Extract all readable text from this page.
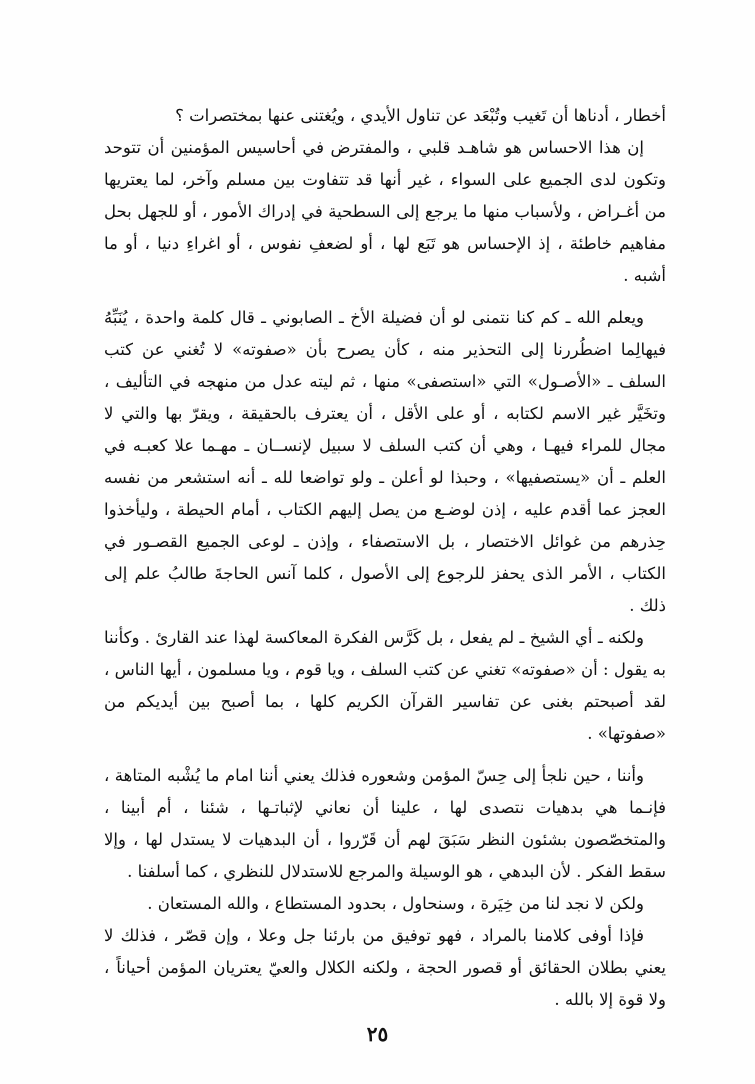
أخطار ، أدناها أن تَغيب وتُبْعَد عن تناول الأيدي ، ويُغتنى عنها بمختصرات ؟

إن هذا الاحساس هو شاهـد قلبي ، والمفترض في أحاسيس المؤمنين أن تتوحد وتكون لدى الجميع على السواء ، غير أنها قد تتفاوت بين مسلم وآخر، لما يعتريها من أغـراض ، ولأسباب منها ما يرجع إلى السطحية في إدراك الأمور ، أو للجهل بحل مفاهيم خاطئة ، إذ الإحساس هو تَبَع لها ، أو لضعفِ نفوس ، أو اغراءِ دنيا ، أو ما أشبه .

ويعلم الله ـ كم كنا نتمنى لو أن فضيلة الأخ ـ الصابوني ـ قال كلمة واحدة ، يُنَبِّهُ فيهالِما اضطُررنا إلى التحذير منه ، كأن يصرح بأن «صفوته» لا تُغني عن كتب السلف ـ «الأصـول» التي «استصفى» منها ، ثم ليته عدل من منهجه في التأليف ، وتخَيَّر غير الاسم لكتابه ، أو على الأقل ، أن يعترف بالحقيقة ، ويقرّ بها والتي لا مجال للمراء فيهـا ، وهي أن كتب السلف لا سبيل لإنســان ـ مهـما علا كعبـه في العلم ـ أن «يستصفيها» ، وحبذا لو أعلن ـ ولو تواضعا لله ـ أنه استشعر من نفسه العجز عما أقدم عليه ، إذن لوضـع من يصل إليهم الكتاب ، أمام الحيطة ، وليأخذوا حِذرهم من غوائل الاختصار ، بل الاستصفاء ، وإذن ـ لوعى الجميع القصـور في الكتاب ، الأمر الذى يحفز للرجوع إلى الأصول ، كلما آنس الحاجةَ طالبُ علم إلى ذلك .

ولكنه ـ أي الشيخ ـ لم يفعل ، بل كَرَّس الفكرة المعاكسة لهذا عند القارئ . وكأننا به يقول : أن «صفوته» تغني عن كتب السلف ، ويا قوم ، ويا مسلمون ، أيها الناس ، لقد أصبحتم بغنى عن تفاسير القرآن الكريم كلها ، بما أصبح بين أيديكم من «صفوتها» .

وأننا ، حين نلجأ إلى حِسّ المؤمن وشعوره فذلك يعني أننا امام ما يُشْبه المتاهة ، فإنـما هي بدهيات نتصدى لها ، علينا أن نعاني لإثباتـها ، شئنا ، أم أبينا ، والمتخصّصون بشئون النظر سَبَقَ لهم أن قَرّروا ، أن البدهيات لا يستدل لها ، وإلا سقط الفكر . لأن البدهي ، هو الوسيلة والمرجع للاستدلال للنظري ، كما أسلفنا .

ولكن لا نجد لنا من خِيَرة ، وسنحاول ، بحدود المستطاع ، والله المستعان .

فإذا أوفى كلامنا بالمراد ، فهو توفيق من بارئنا جل وعلا ، وإن قصّر ، فذلك لا يعني بطلان الحقائق أو قصور الحجة ، ولكنه الكلال والعيّ يعتريان المؤمن أحياناً ، ولا قوة إلا بالله .

٢٥
